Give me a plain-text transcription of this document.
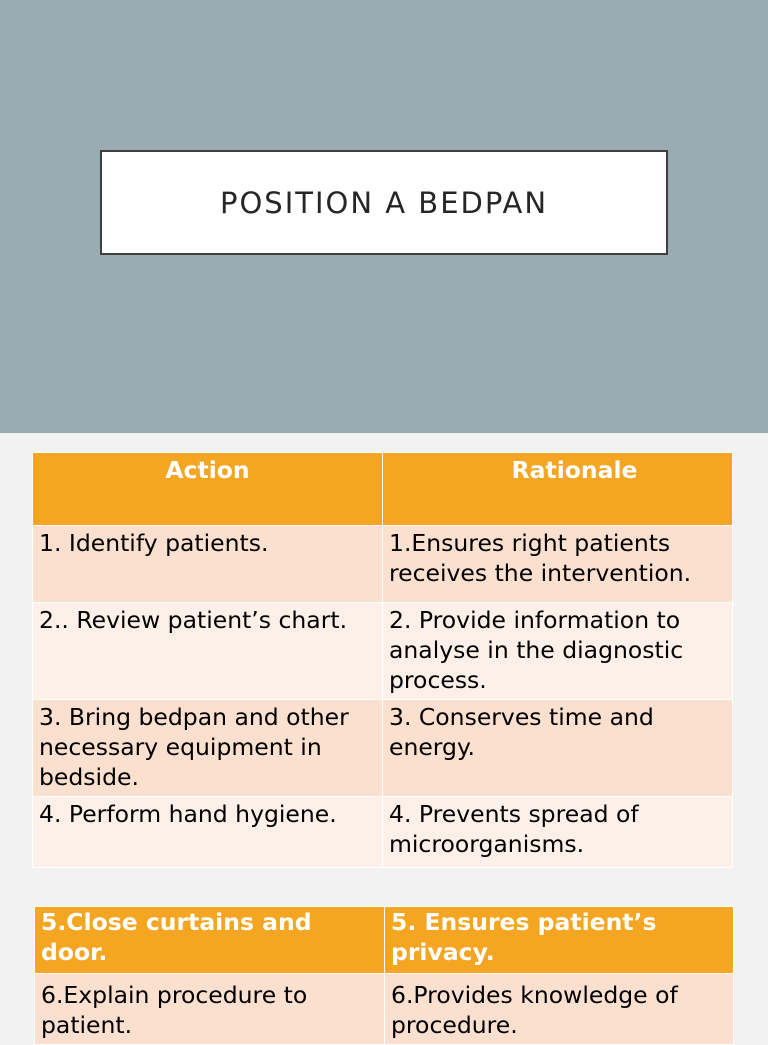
POSITION A BEDPAN
Action	Rationale
1. Identify patients.	1.Ensures right patients receives the intervention.
2.. Review patient’s chart.	2. Provide information to analyse in the diagnostic process.
3. Bring bedpan and other necessary equipment in bedside.	3. Conserves time and energy.
4. Perform hand hygiene.	4. Prevents spread of microorganisms.
5.Close curtains and door.	5. Ensures patient’s privacy.
6.Explain procedure to patient.	6.Provides knowledge of procedure.
